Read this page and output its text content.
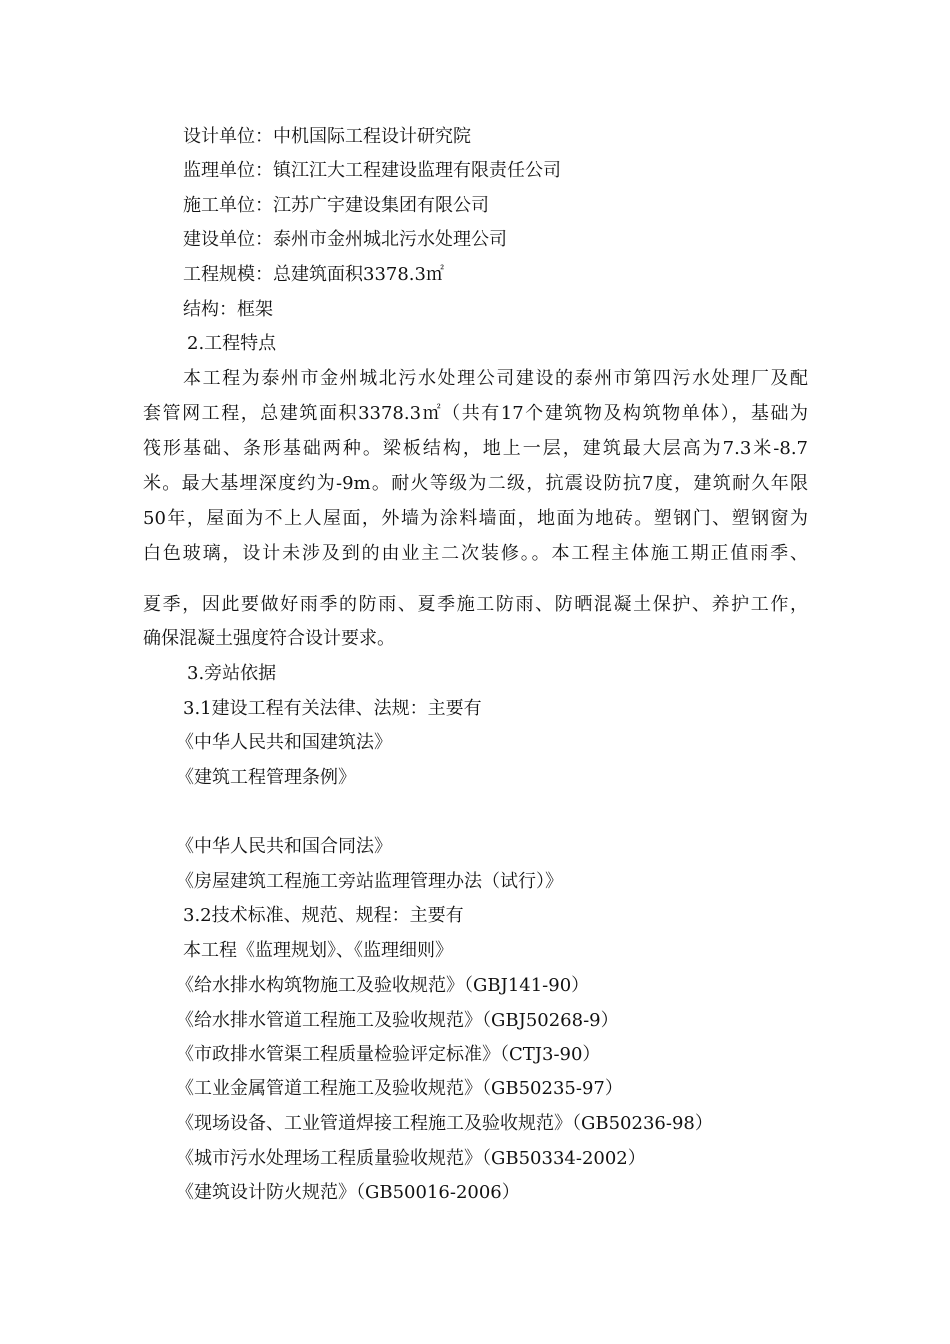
设计单位：中机国际工程设计研究院
监理单位：镇江江大工程建设监理有限责任公司
施工单位：江苏广宇建设集团有限公司
建设单位：泰州市金州城北污水处理公司
工程规模：总建筑面积3378.3㎡
结构：框架
2.工程特点
本工程为泰州市金州城北污水处理公司建设的泰州市第四污水处理厂及配
套管网工程，总建筑面积3378.3㎡（共有17个建筑物及构筑物单体），基础为
筏形基础、条形基础两种。梁板结构，地上一层，建筑最大层高为7.3米-8.7
米。最大基埋深度约为-9m。耐火等级为二级，抗震设防抗7度，建筑耐久年限
50年，屋面为不上人屋面，外墙为涂料墙面，地面为地砖。塑钢门、塑钢窗为
白色玻璃，设计未涉及到的由业主二次装修。。本工程主体施工期正值雨季、
夏季，因此要做好雨季的防雨、夏季施工防雨、防晒混凝土保护、养护工作，
确保混凝土强度符合设计要求。
3.旁站依据
3.1建设工程有关法律、法规：主要有
《中华人民共和国建筑法》
《建筑工程管理条例》
《中华人民共和国合同法》
《房屋建筑工程施工旁站监理管理办法（试行）》
3.2技术标准、规范、规程：主要有
本工程《监理规划》、《监理细则》
《给水排水构筑物施工及验收规范》（GBJ141-90）
《给水排水管道工程施工及验收规范》（GBJ50268-9）
《市政排水管渠工程质量检验评定标准》（CTJ3-90）
《工业金属管道工程施工及验收规范》（GB50235-97）
《现场设备、工业管道焊接工程施工及验收规范》（GB50236-98）
《城市污水处理场工程质量验收规范》（GB50334-2002）
《建筑设计防火规范》（GB50016-2006）
